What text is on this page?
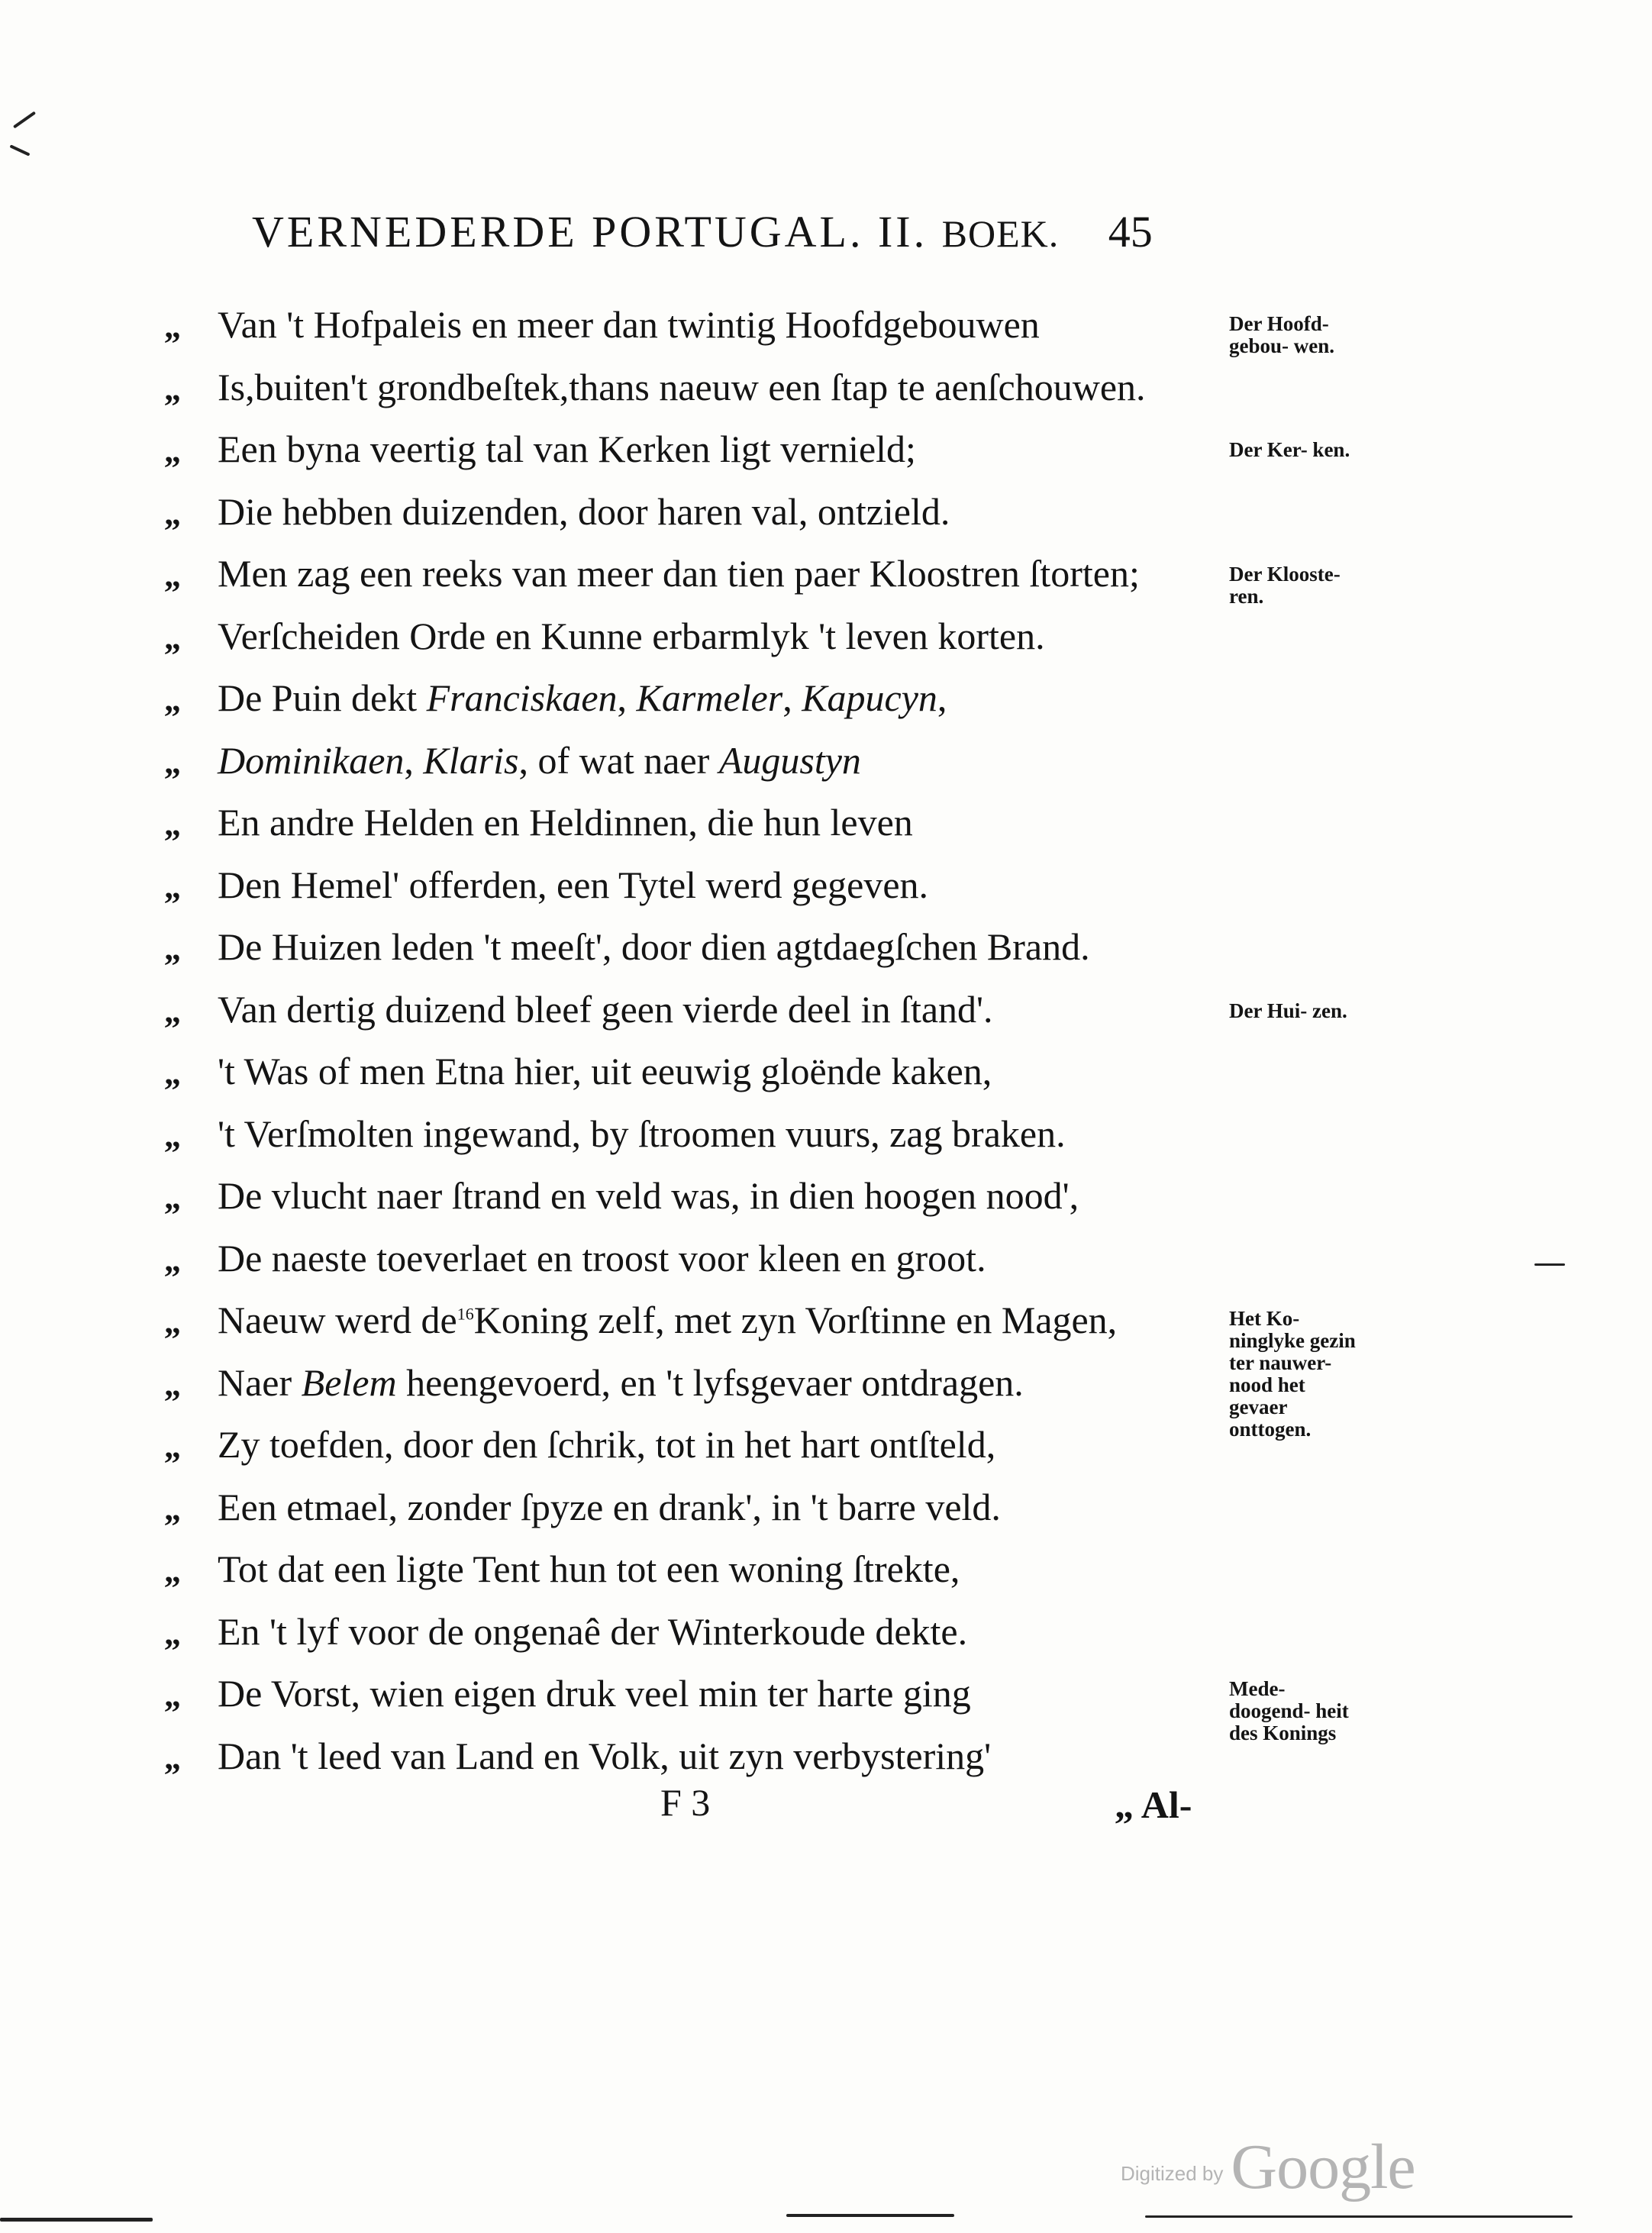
VERNEDERDE PORTUGAL. II. BOEK. 45
„ Van 't Hofpaleis en meer dan twintig Hoofdgebouwen
„ Is,buiten't grondbeſtek,thans naeuw een ſtap te aenſchouwen.
„ Een byna veertig tal van Kerken ligt vernield;
„ Die hebben duizenden, door haren val, ontzield.
„ Men zag een reeks van meer dan tien paer Kloostren ſtorten;
„ Verſcheiden Orde en Kunne erbarmlyk 't leven korten.
„ De Puin dekt Franciskaen, Karmeler, Kapucyn,
„ Dominikaen, Klaris, of wat naer Augustyn
„ En andre Helden en Heldinnen, die hun leven
„ Den Hemel' offerden, een Tytel werd gegeven.
„ De Huizen leden 't meeſt', door dien agtdaegſchen Brand.
„ Van dertig duizend bleef geen vierde deel in ſtand'.
„ 't Was of men Etna hier, uit eeuwig gloënde kaken,
„ 't Verſmolten ingewand, by ſtroomen vuurs, zag braken.
„ De vlucht naer ſtrand en veld was, in dien hoogen nood',
„ De naeste toeverlaet en troost voor kleen en groot.
„ Naeuw werd de$^{16}$Koning zelf, met zyn Vorſtinne en Magen,
„ Naer Belem heengevoerd, en 't lyfsgevaer ontdragen.
„ Zy toefden, door den ſchrik, tot in het hart ontſteld,
„ Een etmael, zonder ſpyze en drank', in 't barre veld.
„ Tot dat een ligte Tent hun tot een woning ſtrekte,
„ En 't lyf voor de ongenaê der Winterkoude dekte.
„ De Vorst, wien eigen druk veel min ter harte ging
„ Dan 't leed van Land en Volk, uit zyn verbystering'
Der Hoofd- gebou- wen.
Der Ker- ken.
Der Klooste- ren.
Der Hui- zen.
Het Ko- ninglyke gezin ter nauwer- nood het gevaer onttogen.
Mede- doogend- heit des Konings
F 3	„ Al-
Digitized by Google
